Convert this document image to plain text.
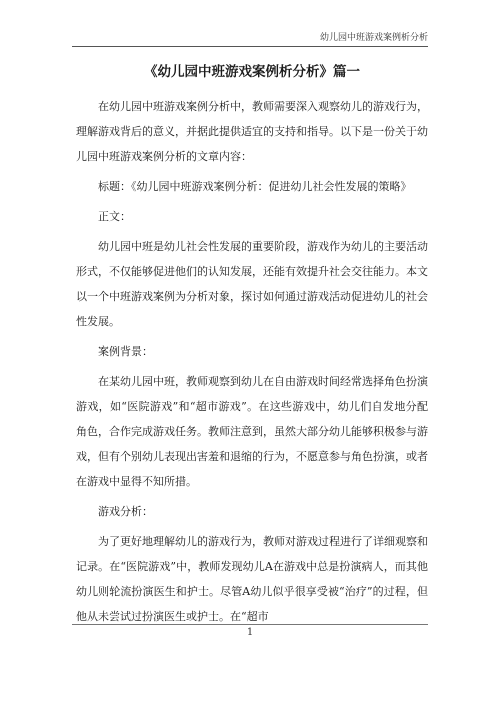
幼儿园中班游戏案例析分析
《幼儿园中班游戏案例析分析》篇一

在幼儿园中班游戏案例分析中，教师需要深入观察幼儿的游戏行为，理解游戏背后的意义，并据此提供适宜的支持和指导。以下是一份关于幼儿园中班游戏案例分析的文章内容：

标题：《幼儿园中班游戏案例分析：促进幼儿社会性发展的策略》

正文：

幼儿园中班是幼儿社会性发展的重要阶段，游戏作为幼儿的主要活动形式，不仅能够促进他们的认知发展，还能有效提升社会交往能力。本文以一个中班游戏案例为分析对象，探讨如何通过游戏活动促进幼儿的社会性发展。

案例背景：

在某幼儿园中班，教师观察到幼儿在自由游戏时间经常选择角色扮演游戏，如“医院游戏”和“超市游戏”。在这些游戏中，幼儿们自发地分配角色，合作完成游戏任务。教师注意到，虽然大部分幼儿能够积极参与游戏，但有个别幼儿表现出害羞和退缩的行为，不愿意参与角色扮演，或者在游戏中显得不知所措。

游戏分析：

为了更好地理解幼儿的游戏行为，教师对游戏过程进行了详细观察和记录。在“医院游戏”中，教师发现幼儿A在游戏中总是扮演病人，而其他幼儿则轮流扮演医生和护士。尽管A幼儿似乎很享受被“治疗”的过程，但他从未尝试过扮演医生或护士。在“超市

1
